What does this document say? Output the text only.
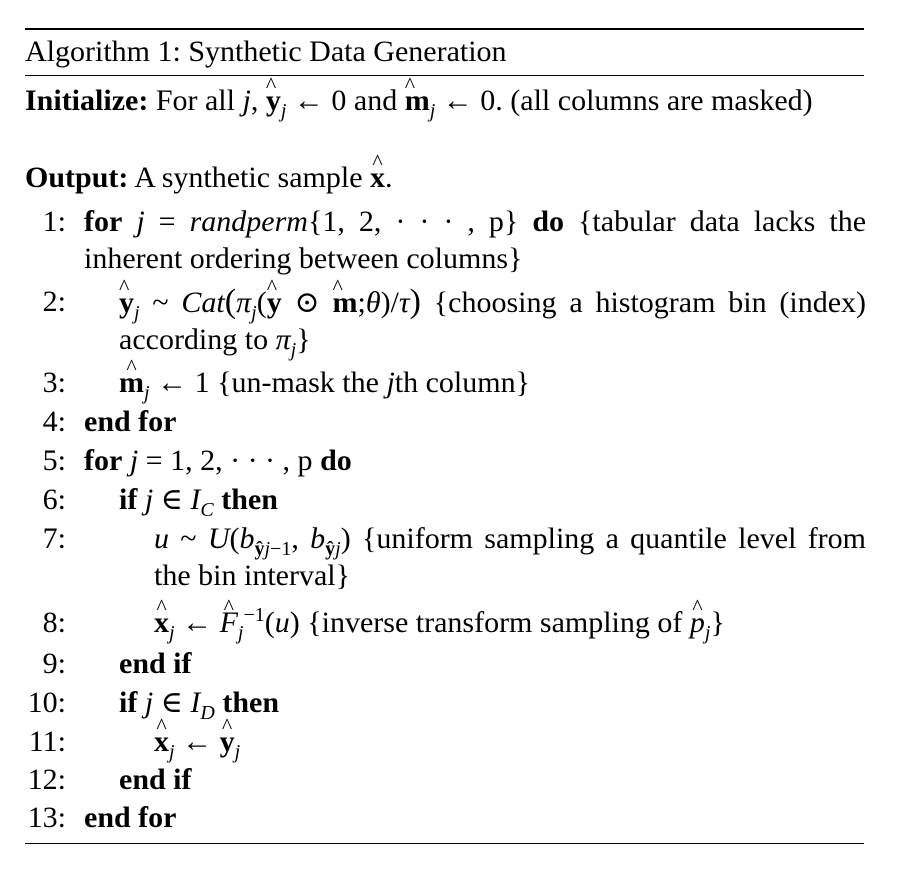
Algorithm 1: Synthetic Data Generation
Initialize: For all j, ^ $y_j$ ← 0 and ^ $m_j$ ← 0. (all columns are masked)
Output: A synthetic sample ^ x.
1: for j = randperm{1, 2, · · · , p} do {tabular data lacks the inherent ordering between columns}
2: ^ $y_j$ ~ $Cat(\pi_j(\^{}$ y ⊙ ^ m;θ)/τ) {choosing a histogram bin (index) according to $\pi_j$}
3: ^ $m_j$ ← 1 {un-mask the jth column}
4: end for
5: for j = 1, 2, · · · , p do
6: if j ∈ $I_C$ then
7:	u ~ $U(b_{ŷj-1}$, $b_{ŷj}$) {uniform sampling a quantile level from the bin interval}
8:	^ $x_j$ ← ^ $F_j^{-1}(u)$ {inverse transform sampling of ^ $p_j$}
9: end if
10: if j ∈ $I_D$ then
11:	^ $x_j$ ← ^ $y_j$
12: end if
13: end for
